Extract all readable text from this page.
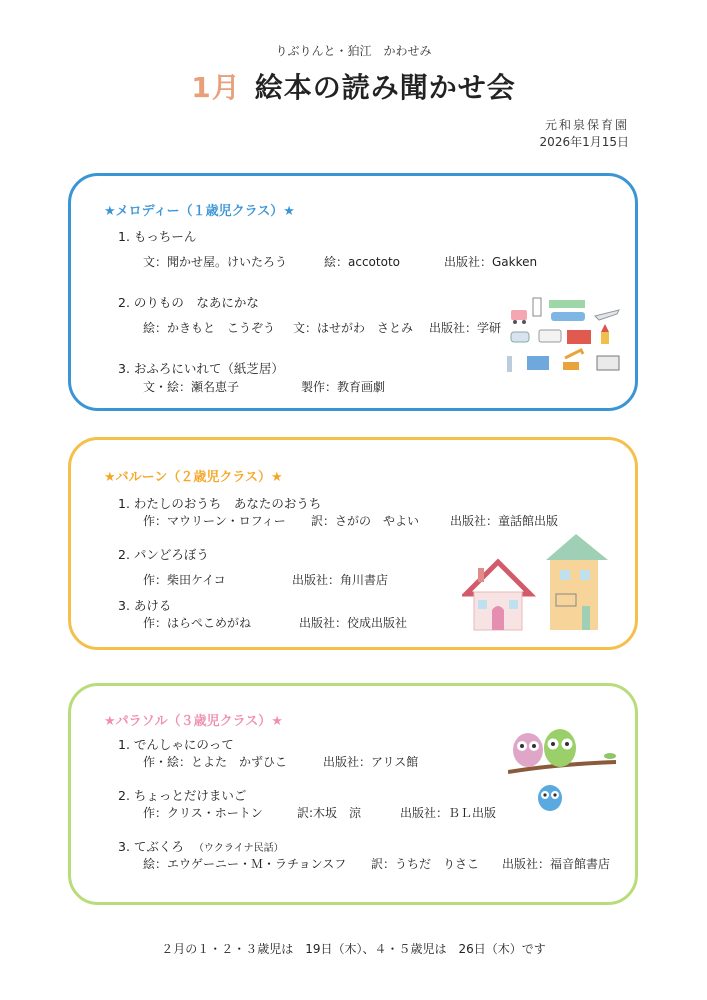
りぶりんと・狛江　かわせみ
1月 絵本の読み聞かせ会
元和泉保育園
2026年1月15日
★メロディー（１歳児クラス）★
1. もっちーん
文：聞かせ屋。けいたろう	絵：accototo	出版社：Gakken
2. のりもの　なあにかな
絵：かきもと　こうぞう 文：はせがわ　さとみ 出版社：学研
3. おふろにいれて（紙芝居）
文・絵：瀬名恵子	製作：教育画劇
★バルーン（２歳児クラス）★
1. わたしのおうち　あなたのおうち
作：マウリーン・ロフィー 訳：さがの　やよい	出版社：童話館出版
2. パンどろぼう
作：柴田ケイコ	出版社：角川書店
3. あける
作：はらぺこめがね	出版社：佼成出版社
★パラソル（３歳児クラス）★
1. でんしゃにのって
作・絵：とよた　かずひこ	出版社：アリス館
2. ちょっとだけまいご
作：クリス・ホートン	訳:木坂　涼	出版社：ＢＬ出版
3. てぶくろ （ウクライナ民話）
絵：エウゲーニー・Ｍ・ラチョンスフ 訳：うちだ　りさこ 出版社：福音館書店
２月の１・２・３歳児は　19日（木）、４・５歳児は　26日（木）です
